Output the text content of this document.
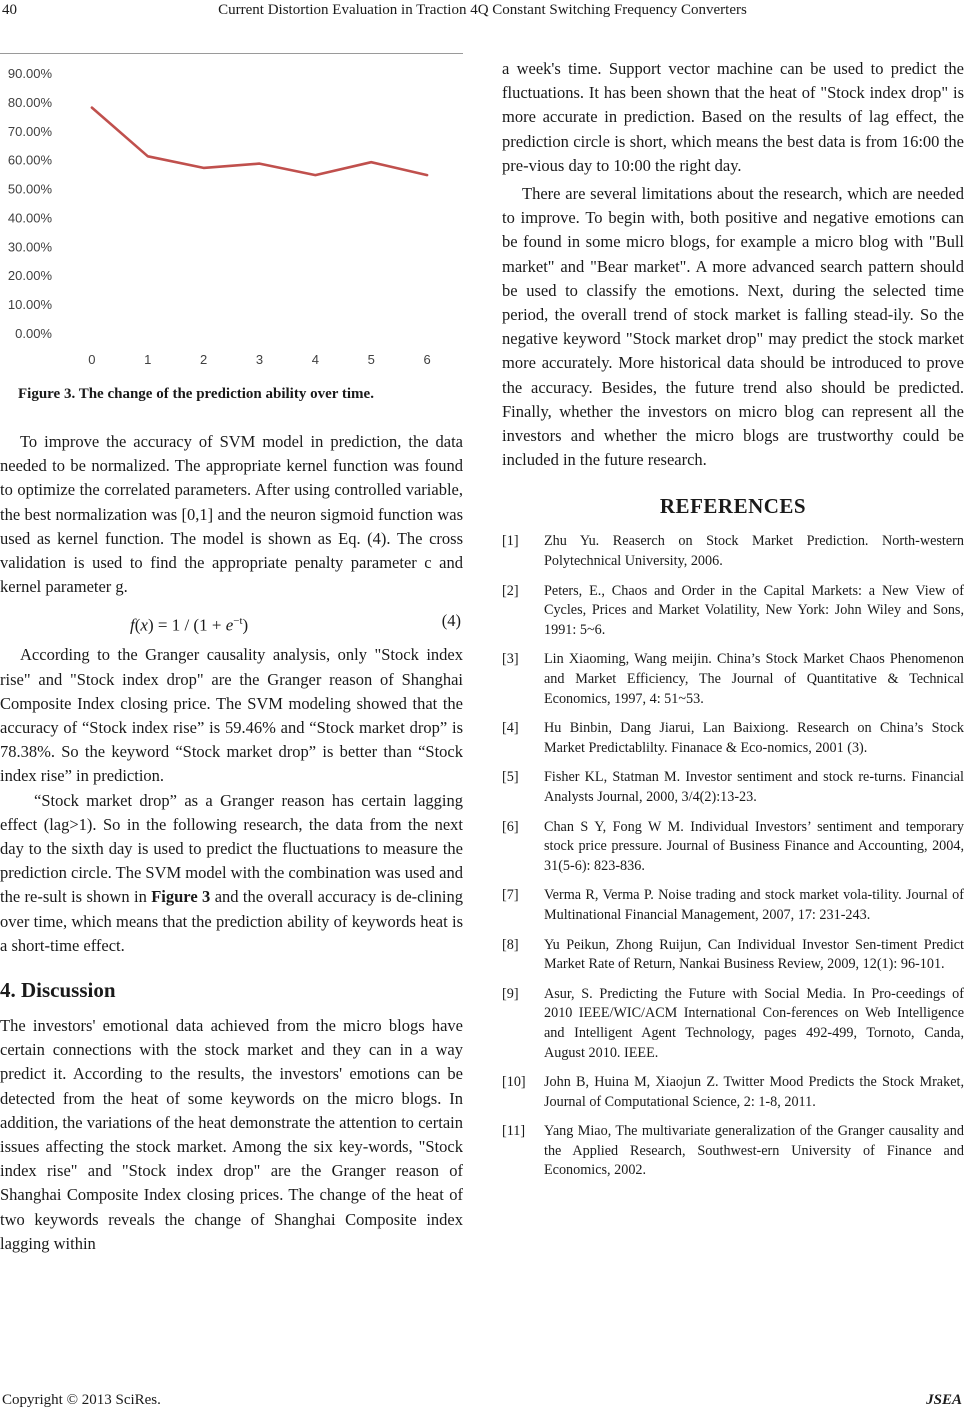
40	Current Distortion Evaluation in Traction 4Q Constant Switching Frequency Converters
0.00%
10.00%
20.00%
30.00%
40.00%
50.00%
60.00%
70.00%
80.00%
90.00%
0	1	2	3	4	5	6
Figure 3. The change of the prediction ability over time.

To improve the accuracy of SVM model in prediction, the data needed to be normalized. The appropriate kernel function was found to optimize the correlated parameters. After using controlled variable, the best normalization was [0,1] and the neuron sigmoid function was used as kernel function. The model is shown as Eq. (4). The cross validation is used to find the appropriate penalty parameter c and kernel parameter g.

$f(x) = 1 / (1 + e^{-t})$	(4)

According to the Granger causality analysis, only "Stock index rise" and "Stock index drop" are the Granger reason of Shanghai Composite Index closing price. The SVM modeling showed that the accuracy of “Stock index rise” is 59.46% and “Stock market drop” is 78.38%. So the keyword “Stock market drop” is better than “Stock index rise” in prediction.

“Stock market drop” as a Granger reason has certain lagging effect (lag>1). So in the following research, the data from the next day to the sixth day is used to predict the fluctuations to measure the prediction circle. The SVM model with the combination was used and the re-sult is shown in Figure 3 and the overall accuracy is de-clining over time, which means that the prediction ability of keywords heat is a short-time effect.

4. Discussion

The investors' emotional data achieved from the micro blogs have certain connections with the stock market and they can in a way predict it. According to the results, the investors' emotions can be detected from the heat of some keywords on the micro blogs. In addition, the variations of the heat demonstrate the attention to certain issues affecting the stock market. Among the six key-words, "Stock index rise" and "Stock index drop" are the Granger reason of Shanghai Composite Index closing prices. The change of the heat of two keywords reveals the change of Shanghai Composite index lagging within

a week's time. Support vector machine can be used to predict the fluctuations. It has been shown that the heat of "Stock index drop" is more accurate in prediction. Based on the results of lag effect, the prediction circle is short, which means the best data is from 16:00 the pre-vious day to 10:00 the right day.

There are several limitations about the research, which are needed to improve. To begin with, both positive and negative emotions can be found in some micro blogs, for example a micro blog with "Bull market" and "Bear market". A more advanced search pattern should be used to classify the emotions. Next, during the selected time period, the overall trend of stock market is falling stead-ily. So the negative keyword "Stock market drop" may predict the stock market more accurately. More historical data should be introduced to prove the accuracy. Besides, the future trend also should be predicted. Finally, whether the investors on micro blog can represent all the investors and whether the micro blogs are trustworthy could be included in the future research.

REFERENCES
[1] Zhu Yu. Reaserch on Stock Market Prediction. North-western Polytechnical University, 2006.
[2] Peters, E., Chaos and Order in the Capital Markets: a New View of Cycles, Prices and Market Volatility, New York: John Wiley and Sons, 1991: 5~6.
[3] Lin Xiaoming, Wang meijin. China’s Stock Market Chaos Phenomenon and Market Efficiency, The Journal of Quantitative & Technical Economics, 1997, 4: 51~53.
[4] Hu Binbin, Dang Jiarui, Lan Baixiong. Research on China’s Stock Market Predictablilty. Finanace & Eco-nomics, 2001 (3).
[5] Fisher KL, Statman M. Investor sentiment and stock re-turns. Financial Analysts Journal, 2000, 3/4(2):13-23.
[6] Chan S Y, Fong W M. Individual Investors’ sentiment and temporary stock price pressure. Journal of Business Finance and Accounting, 2004, 31(5-6): 823-836.
[7] Verma R, Verma P. Noise trading and stock market vola-tility. Journal of Multinational Financial Management, 2007, 17: 231-243.
[8] Yu Peikun, Zhong Ruijun, Can Individual Investor Sen-timent Predict Market Rate of Return, Nankai Business Review, 2009, 12(1): 96-101.
[9] Asur, S. Predicting the Future with Social Media. In Pro-ceedings of 2010 IEEE/WIC/ACM International Con-ferences on Web Intelligence and Intelligent Agent Technology, pages 492-499, Tornoto, Canda, August 2010. IEEE.
[10] John B, Huina M, Xiaojun Z. Twitter Mood Predicts the Stock Mraket, Journal of Computational Science, 2: 1-8, 2011.
[11] Yang Miao, The multivariate generalization of the Granger causality and the Applied Research, Southwest-ern University of Finance and Economics, 2002.
Copyright © 2013 SciRes.	JSEA
